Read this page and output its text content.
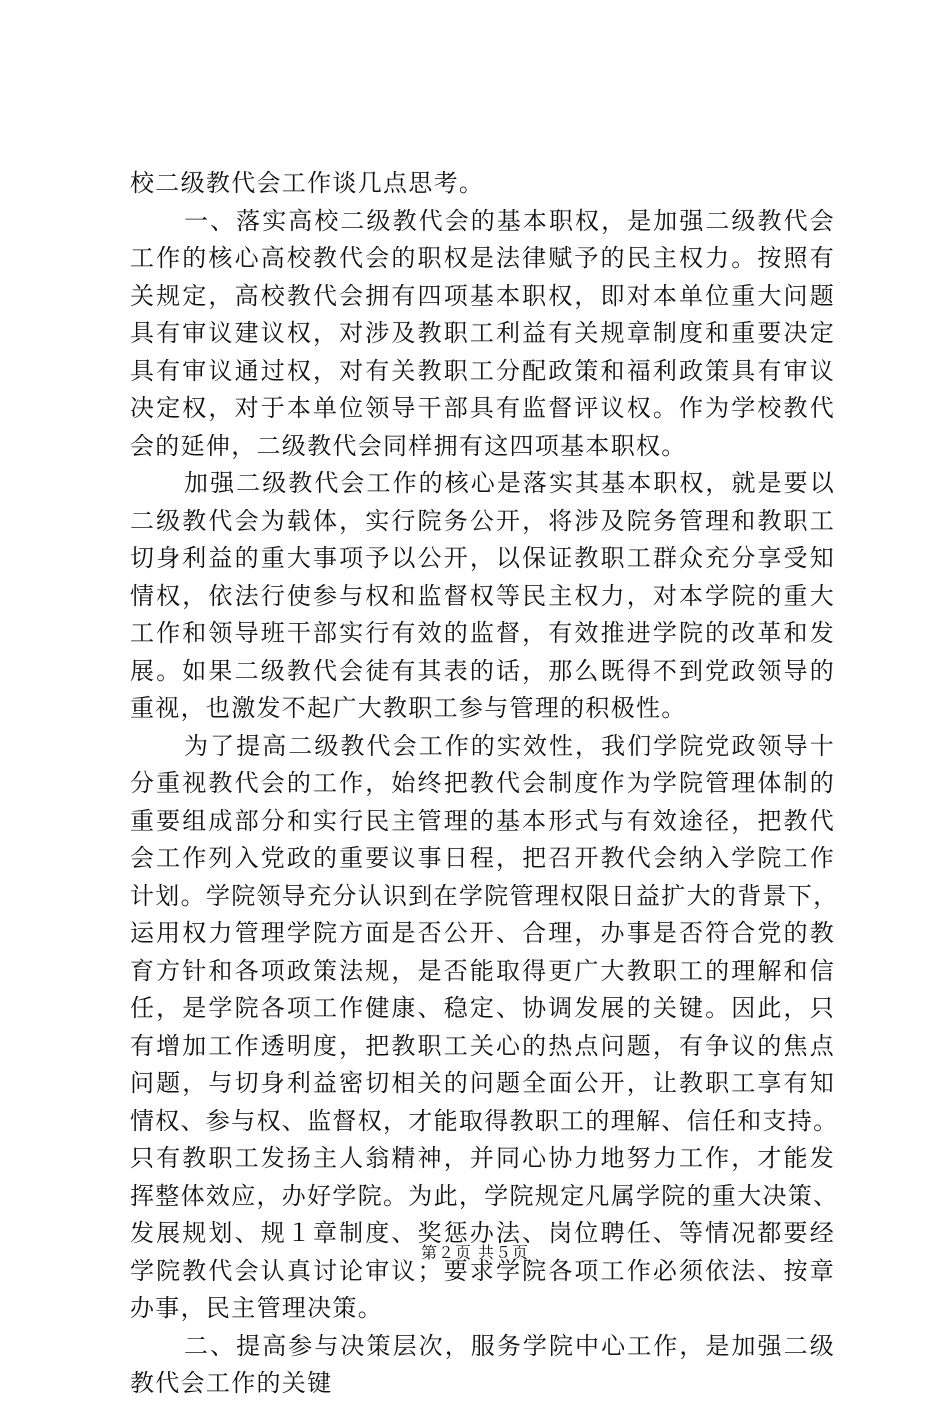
校二级教代会工作谈几点思考。
一、落实高校二级教代会的基本职权，是加强二级教代会
工作的核心高校教代会的职权是法律赋予的民主权力。按照有
关规定，高校教代会拥有四项基本职权，即对本单位重大问题
具有审议建议权，对涉及教职工利益有关规章制度和重要决定
具有审议通过权，对有关教职工分配政策和福利政策具有审议
决定权，对于本单位领导干部具有监督评议权。作为学校教代
会的延伸，二级教代会同样拥有这四项基本职权。
加强二级教代会工作的核心是落实其基本职权，就是要以
二级教代会为载体，实行院务公开，将涉及院务管理和教职工
切身利益的重大事项予以公开，以保证教职工群众充分享受知
情权，依法行使参与权和监督权等民主权力，对本学院的重大
工作和领导班干部实行有效的监督，有效推进学院的改革和发
展。如果二级教代会徒有其表的话，那么既得不到党政领导的
重视，也激发不起广大教职工参与管理的积极性。
为了提高二级教代会工作的实效性，我们学院党政领导十
分重视教代会的工作，始终把教代会制度作为学院管理体制的
重要组成部分和实行民主管理的基本形式与有效途径，把教代
会工作列入党政的重要议事日程，把召开教代会纳入学院工作
计划。学院领导充分认识到在学院管理权限日益扩大的背景下，
运用权力管理学院方面是否公开、合理，办事是否符合党的教
育方针和各项政策法规，是否能取得更广大教职工的理解和信
任，是学院各项工作健康、稳定、协调发展的关键。因此，只
有增加工作透明度，把教职工关心的热点问题，有争议的焦点
问题，与切身利益密切相关的问题全面公开，让教职工享有知
情权、参与权、监督权，才能取得教职工的理解、信任和支持。
只有教职工发扬主人翁精神，并同心协力地努力工作，才能发
挥整体效应，办好学院。为此，学院规定凡属学院的重大决策、
发展规划、规１章制度、奖惩办法、岗位聘任、等情况都要经
学院教代会认真讨论审议；要求学院各项工作必须依法、按章
办事，民主管理决策。
二、提高参与决策层次，服务学院中心工作，是加强二级
教代会工作的关键
第２页 共５页
